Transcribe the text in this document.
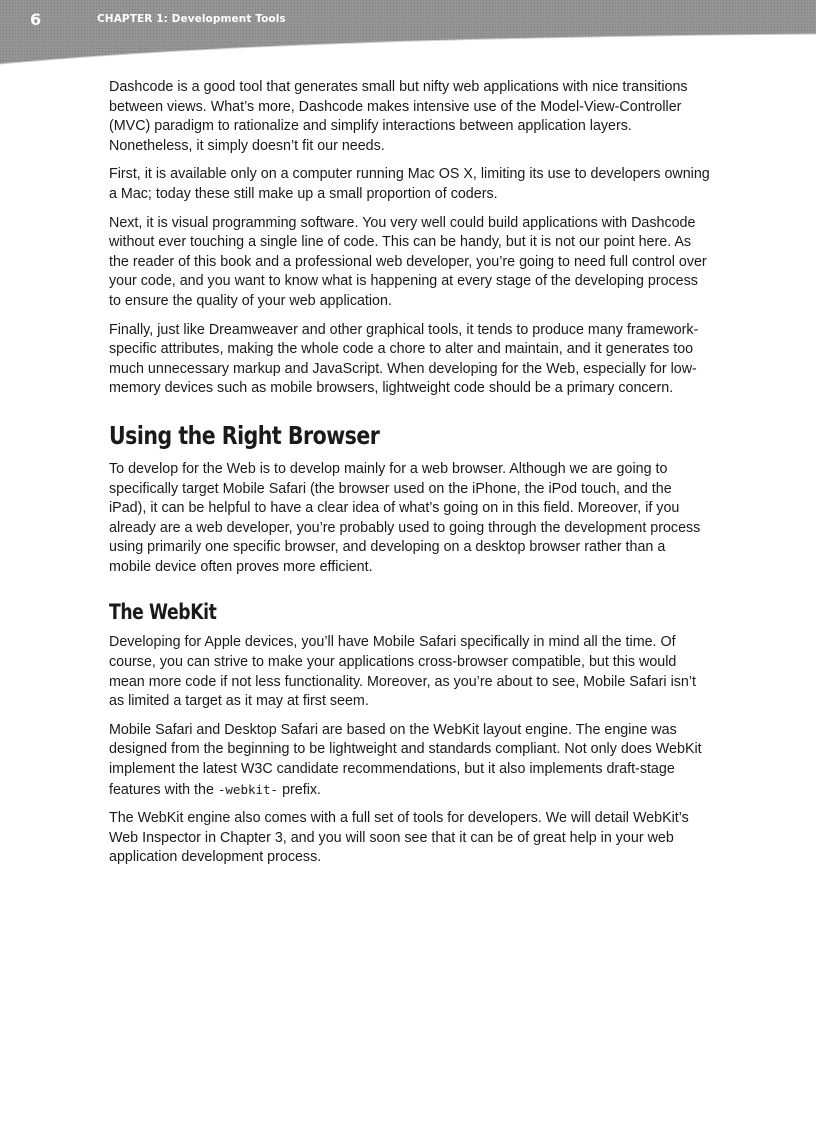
6	CHAPTER 1: Development Tools

Dashcode is a good tool that generates small but nifty web applications with nice transitions between views. What’s more, Dashcode makes intensive use of the Model-View-Controller (MVC) paradigm to rationalize and simplify interactions between application layers. Nonetheless, it simply doesn’t fit our needs.

First, it is available only on a computer running Mac OS X, limiting its use to developers owning a Mac; today these still make up a small proportion of coders.

Next, it is visual programming software. You very well could build applications with Dashcode without ever touching a single line of code. This can be handy, but it is not our point here. As the reader of this book and a professional web developer, you’re going to need full control over your code, and you want to know what is happening at every stage of the developing process to ensure the quality of your web application.

Finally, just like Dreamweaver and other graphical tools, it tends to produce many framework-specific attributes, making the whole code a chore to alter and maintain, and it generates too much unnecessary markup and JavaScript. When developing for the Web, especially for low-memory devices such as mobile browsers, lightweight code should be a primary concern.

Using the Right Browser

To develop for the Web is to develop mainly for a web browser. Although we are going to specifically target Mobile Safari (the browser used on the iPhone, the iPod touch, and the iPad), it can be helpful to have a clear idea of what’s going on in this field. Moreover, if you already are a web developer, you’re probably used to going through the development process using primarily one specific browser, and developing on a desktop browser rather than a mobile device often proves more efficient.

The WebKit

Developing for Apple devices, you’ll have Mobile Safari specifically in mind all the time. Of course, you can strive to make your applications cross-browser compatible, but this would mean more code if not less functionality. Moreover, as you’re about to see, Mobile Safari isn’t as limited a target as it may at first seem.

Mobile Safari and Desktop Safari are based on the WebKit layout engine. The engine was designed from the beginning to be lightweight and standards compliant. Not only does WebKit implement the latest W3C candidate recommendations, but it also implements draft-stage features with the -webkit- prefix.

The WebKit engine also comes with a full set of tools for developers. We will detail WebKit’s Web Inspector in Chapter 3, and you will soon see that it can be of great help in your web application development process.
